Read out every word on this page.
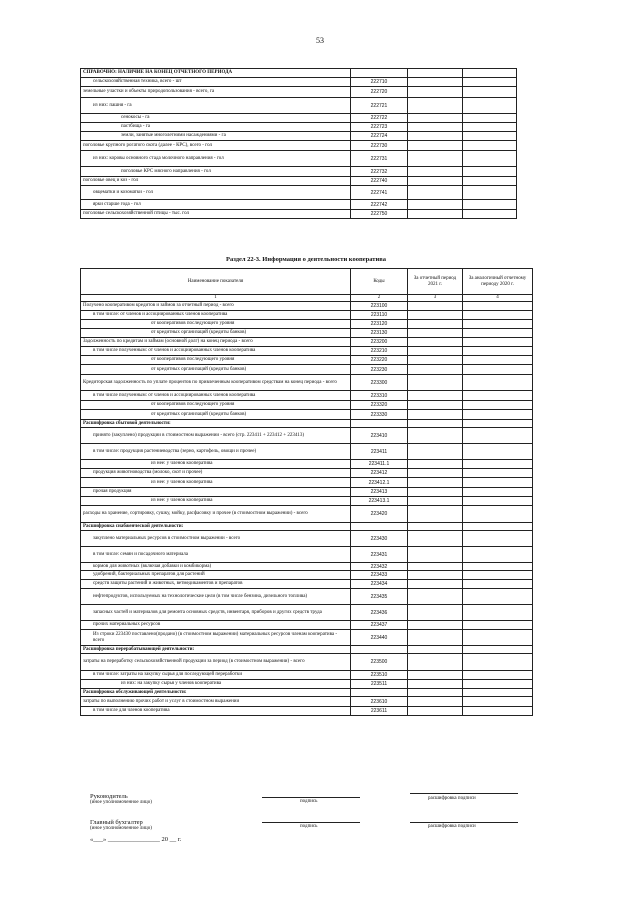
53
СПРАВОЧНО: НАЛИЧИЕ НА КОНЕЦ ОТЧЕТНОГО ПЕРИОДА			
сельскохозяйственная техника, всего - шт	222710		
земельные участки и объекты природопользования - всего, га	222720		
из них: пашня - га	222721		
сенокосы - га	222722		
пастбища - га	222723		
земли, занятые многолетними насаждениями - га	222724		
поголовье крупного рогатого скота (далее - КРС), всего - гол	222730		
из них: коровы основного стада молочного направления - гол	222731		
поголовье КРС мясного направления - гол	222732		
поголовье овец и коз - гол	222740		
овцематки и козоматки - гол	222741		
ярки старше года - гол	222742		
поголовье сельскохозяйственной птицы - тыс. гол	222750		
Раздел 22-3. Информация о деятельности кооператива
Наименование показателя	Коды	За отчетный период 2021 г.	За аналогичный отчетному периоду 2020 г.
1	2	3	4
Получено кооперативом кредитов и займов за отчетный период - всего	223100		
в том числе: от членов и ассоциированных членов кооператива	223110		
от кооперативов последующего уровня	223120		
от кредитных организаций (кредиты банков)	223130		
Задолженность по кредитам и займам (основной долг) на конец периода - всего	223200		
в том числе полученным: от членов и ассоциированных членов кооператива	223210		
от кооперативов последующего уровня	223220		
от кредитных организаций (кредиты банков)	223230		
Кредиторская задолженность по уплате процентов по привлеченным кооперативом средствам на конец периода - всего	223300		
в том числе полученным: от членов и ассоциированных членов кооператива	223310		
от кооперативов последующего уровня	223320		
от кредитных организаций (кредиты банков)	223330		
Расшифровка сбытовой деятельности:			
принято (закуплено) продукции в стоимостном выражении - всего (стр. 223411 + 223412 + 223413)	223410		
в том числе: продукция растениеводства (зерно, картофель, овощи и прочее)	223411		
из нее: у членов кооператива	223411.1		
продукция животноводства (молоко, скот и прочее)	223412		
из нее: у членов кооператива	223412.1		
прочая продукция	223413		
из нее: у членов кооператива	223413.1		
расходы на хранение, сортировку, сушку, мойку, расфасовку и прочее (в стоимостном выражении) - всего	223420		
Расшифровка снабженческой деятельности:			
закуплено материальных ресурсов в стоимостном выражении - всего	223430		
в том числе: семян и посадочного материала	223431		
кормов для животных (включая добавки и комбикорма)	223432		
удобрений, бактериальных препаратов для растений	223433		
средств защиты растений и животных, ветмедикаментов и препаратов	223434		
нефтепродуктов, используемых на технологические цели (в том числе бензина, дизельного топлива)	223435		
запасных частей и материалов для ремонта основных средств, инвентаря, приборов и других средств труда	223436		
прочих материальных ресурсов	223437		
Из строки 223430 поставлено(продано) (в стоимостном выражении) материальных ресурсов членам кооператива - всего	223440		
Расшифровка перерабатывающей деятельности:			
затраты на переработку сельскохозяйственной продукции за период (в стоимостном выражении) - всего	223500		
в том числе: затраты на закупку сырья для последующей переработки	223510		
из них: на закупку сырья у членов кооператива	223511		
Расшифровка обслуживающей деятельности:			
затраты по выполнению прочих работ и услуг в стоимостном выражении	223610		
в том числе для членов кооператива	223611		
Руководитель
(иное уполномоченное лицо)	подпись
расшифровка подписи
Главный бухгалтер
(иное уполномоченное лицо)	подпись	расшифровка подписи
«___» ________________ 20 __ г.
